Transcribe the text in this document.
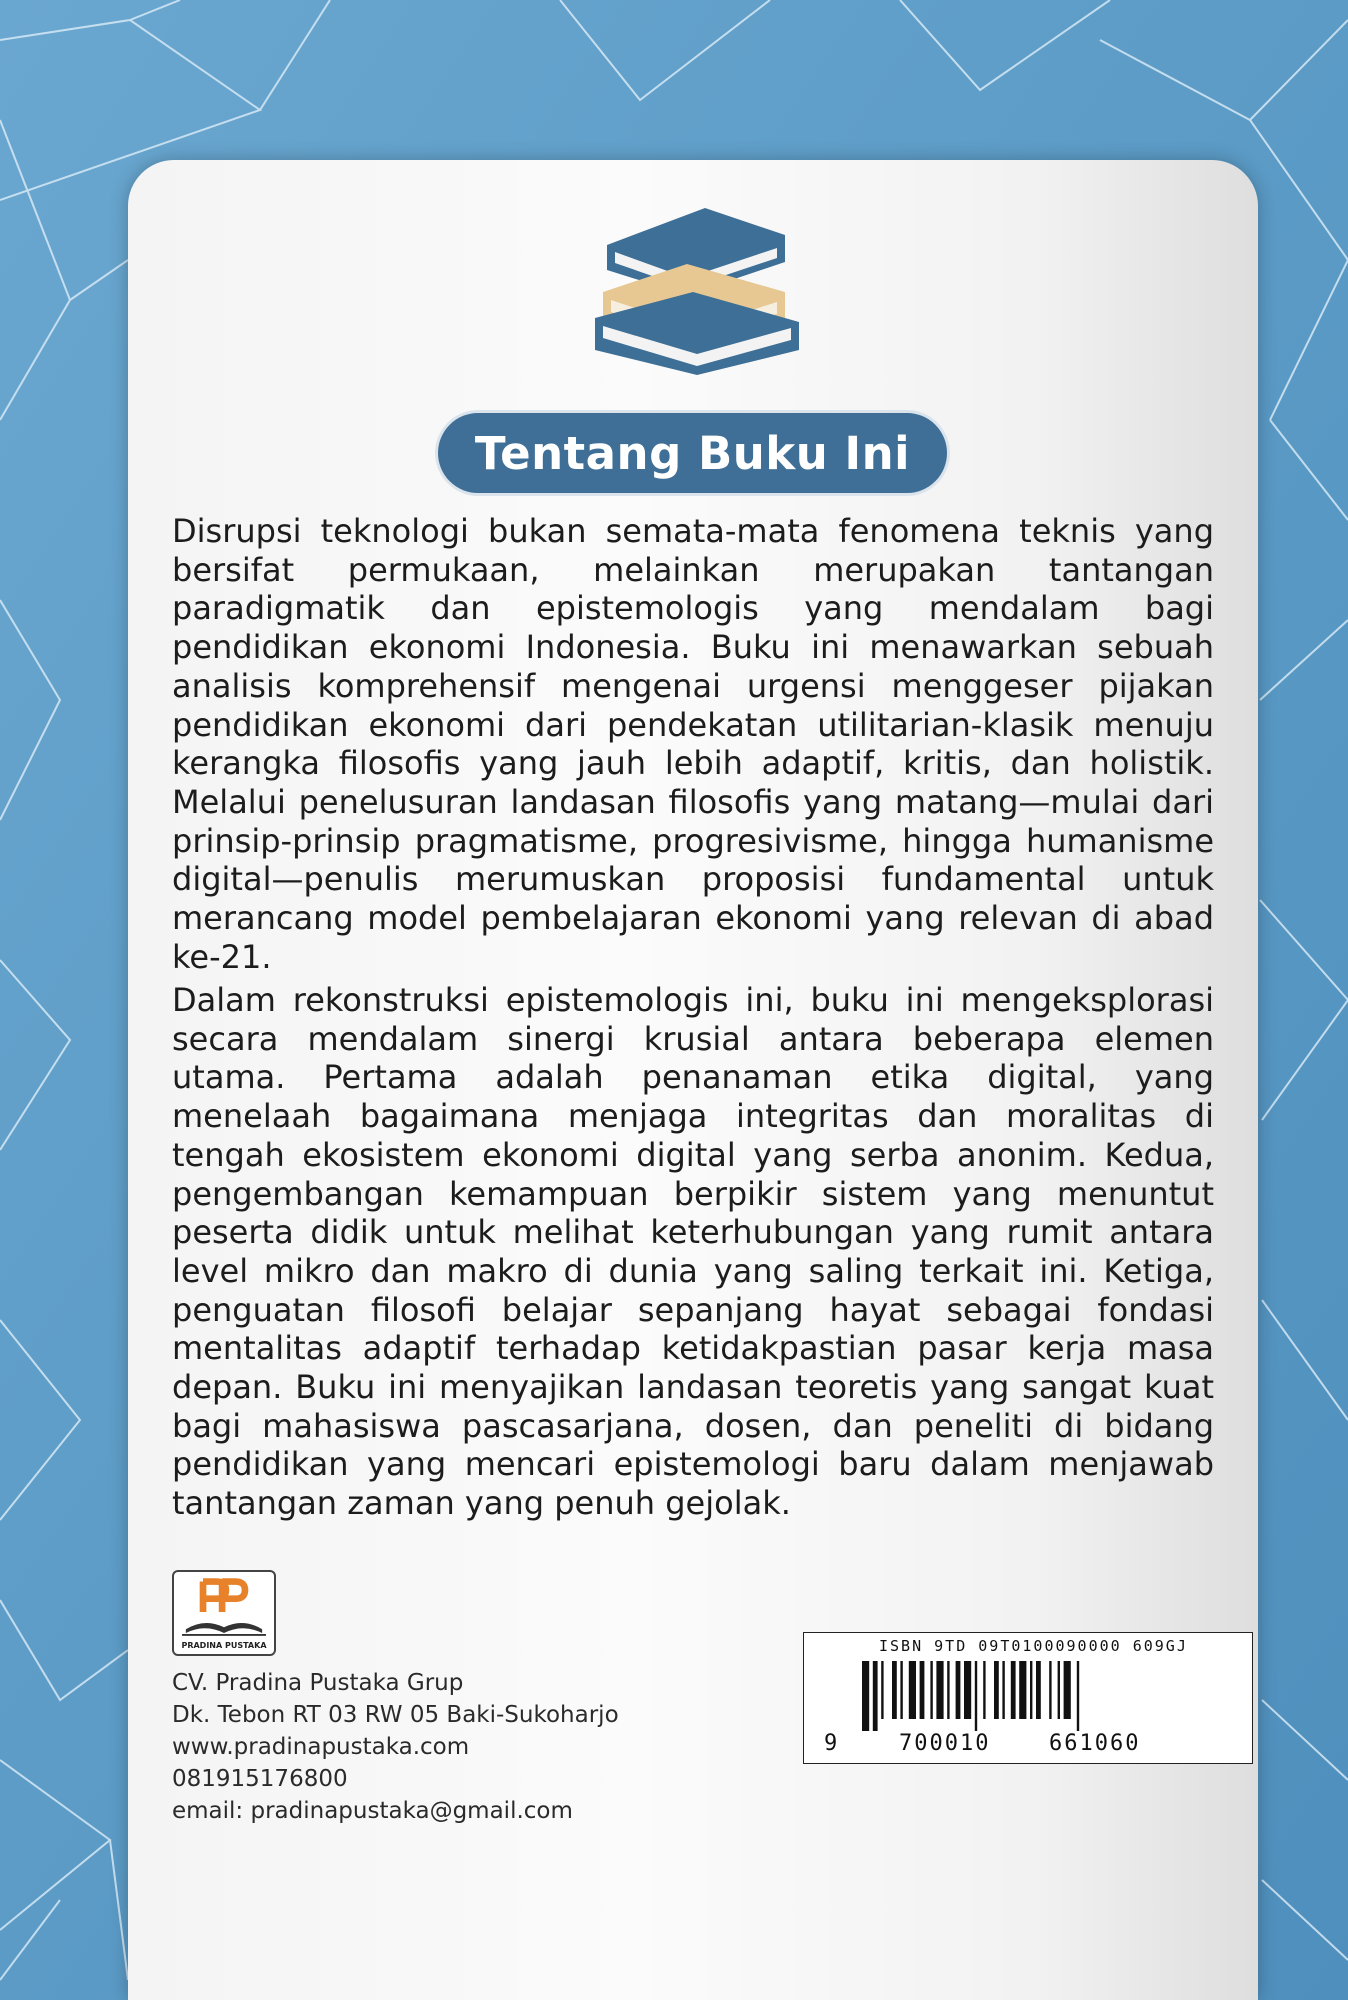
Tentang Buku Ini

Disrupsi teknologi bukan semata-mata fenomena teknis yang bersifat permukaan, melainkan merupakan tantangan paradigmatik dan epistemologis yang mendalam bagi pendidikan ekonomi Indonesia. Buku ini menawarkan sebuah analisis komprehensif mengenai urgensi menggeser pijakan pendidikan ekonomi dari pendekatan utilitarian-klasik menuju kerangka filosofis yang jauh lebih adaptif, kritis, dan holistik. Melalui penelusuran landasan filosofis yang matang—mulai dari prinsip-prinsip pragmatisme, progresivisme, hingga humanisme digital—penulis merumuskan proposisi fundamental untuk merancang model pembelajaran ekonomi yang relevan di abad ke-21.

Dalam rekonstruksi epistemologis ini, buku ini mengeksplorasi secara mendalam sinergi krusial antara beberapa elemen utama. Pertama adalah penanaman etika digital, yang menelaah bagaimana menjaga integritas dan moralitas di tengah ekosistem ekonomi digital yang serba anonim. Kedua, pengembangan kemampuan berpikir sistem yang menuntut peserta didik untuk melihat keterhubungan yang rumit antara level mikro dan makro di dunia yang saling terkait ini. Ketiga, penguatan filosofi belajar sepanjang hayat sebagai fondasi mentalitas adaptif terhadap ketidakpastian pasar kerja masa depan. Buku ini menyajikan landasan teoretis yang sangat kuat bagi mahasiswa pascasarjana, dosen, dan peneliti di bidang pendidikan yang mencari epistemologi baru dalam menjawab tantangan zaman yang penuh gejolak.

PRADINA PUSTAKA
CV. Pradina Pustaka Grup
Dk. Tebon RT 03 RW 05 Baki-Sukoharjo
www.pradinapustaka.com
081915176800
email: pradinapustaka@gmail.com
ISBN 9TD 09T0100090000 609GJ
9	700010	661060
